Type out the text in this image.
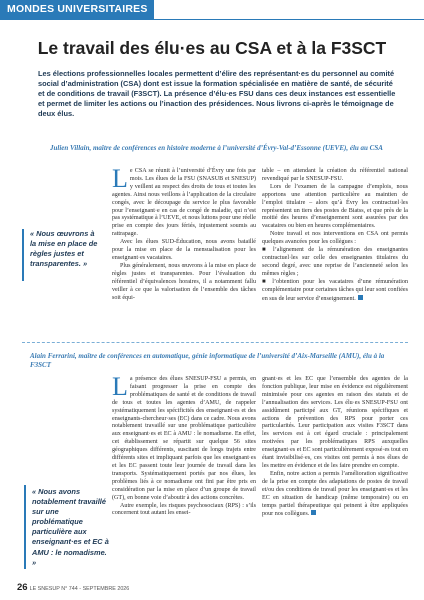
MONDES UNIVERSITAIRES
Le travail des élu·es au CSA et à la F3SCT

Les élections professionnelles locales permettent d’élire des représentant·es du personnel au comité social d’administration (CSA) dont est issue la formation spécialisée en matière de santé, de sécurité et de conditions de travail (F3SCT). La présence d’élu·es FSU dans ces deux instances est essentielle et permet de limiter les actions ou l’inaction des présidences. Nous livrons ci-après le témoignage de deux élus.

Julien Villain, maître de conférences en histoire moderne à l’université d’Évry-Val-d’Essonne (UEVE), élu au CSA

« Nous œuvrons à la mise en place de règles justes et transparentes. »

Le CSA se réunit à l’université d’Évry une fois par mois. Les élues de la FSU (SNASUB et SNESUP) y veillent au respect des droits de tous et toutes les agentes. Ainsi nous veillons à l’application de la circulaire congés, avec le découpage du service le plus favorable pour l’enseignant·e en cas de congé de maladie, qui n’est pas systématique à l’UEVE, et nous luttons pour une réelle prise en compte des jours fériés, injustement soumis au rattrapage.

Avec les élues SUD-Éducation, nous avons bataillé pour la mise en place de la mensualisation pour les enseignant·es vacataires.

Plus généralement, nous œuvrons à la mise en place de règles justes et transparentes. Pour l’évaluation du référentiel d’équivalences horaires, il a notamment fallu veiller à ce que la valorisation de l’ensemble des tâches soit équi-

table – en attendant la création du référentiel national revendiqué par le SNESUP-FSU.

Lors de l’examen de la campagne d’emplois, nous apportons une attention particulière au maintien de l’emploi titulaire – alors qu’à Évry les contractuel·les représentent un tiers des postes de Biatss, et que près de la moitié des heures d’enseignement sont assurées par des vacataires ou bien en heures complémentaires.

Notre travail et nos interventions en CSA ont permis quelques avancées pour les collègues :

■ l’alignement de la rémunération des enseignantes contractuel·les sur celle des enseignantes titulaires du second degré, avec une reprise de l’ancienneté selon les mêmes règles ;

■ l’obtention pour les vacataires d’une rémunération complémentaire pour certaines tâches qui leur sont confiées en sus de leur service d’enseignement.

Alain Ferrarini, maître de conférences en automatique, génie informatique de l’université d’Aix-Marseille (AMU), élu à la F3SCT

« Nous avons notablement travaillé sur une problématique particulière aux enseignant·es et EC à AMU : le nomadisme. »

La présence des élues SNESUP-FSU a permis, en faisant progresser la prise en compte des problématiques de santé et de conditions de travail de tous et toutes les agentes d’AMU, de rappeler systématiquement les spécificités des enseignant·es et des enseignants-chercheur·ses (EC) dans ce cadre. Nous avons notablement travaillé sur une problématique particulière aux enseignant·es et EC à AMU : le nomadisme. En effet, cet établissement se répartit sur quelque 56 sites géographiques différents, suscitant de longs trajets entre différents sites et impliquant parfois que les enseignant·es et les EC passent toute leur journée de travail dans les transports. Systématiquement portés par nos élues, les problèmes liés à ce nomadisme ont fini par être pris en considération par la mise en place d’un groupe de travail (GT), en bonne voie d’aboutir à des actions concrètes.

Autre exemple, les risques psychosociaux (RPS) : s’ils concernent tout autant les ensei-

gnant·es et les EC que l’ensemble des agentes de la fonction publique, leur mise en évidence est régulièrement minimisée pour ces agentes en raison des statuts et de l’annualisation des services. Les élu·es SNESUP-FSU ont assidûment participé aux GT, réunions spécifiques et actions de prévention des RPS pour porter ces particularités. Leur participation aux visites F3SCT dans les services est à cet égard cruciale : principalement motivées par les problématiques RPS auxquelles enseignant·es et EC sont particulièrement exposé·es tout en étant invisibilisé·es, ces visites ont permis à nos élues de les mettre en évidence et de les faire prendre en compte.

Enfin, notre action a permis l’amélioration significative de la prise en compte des adaptations de postes de travail et/ou des conditions de travail pour les enseignant·es et les EC en situation de handicap (même temporaire) ou en temps partiel thérapeutique qui peinent à être appliquées pour nos collègues.

26 LE SNESUP N° 744 - SEPTEMBRE 2026
